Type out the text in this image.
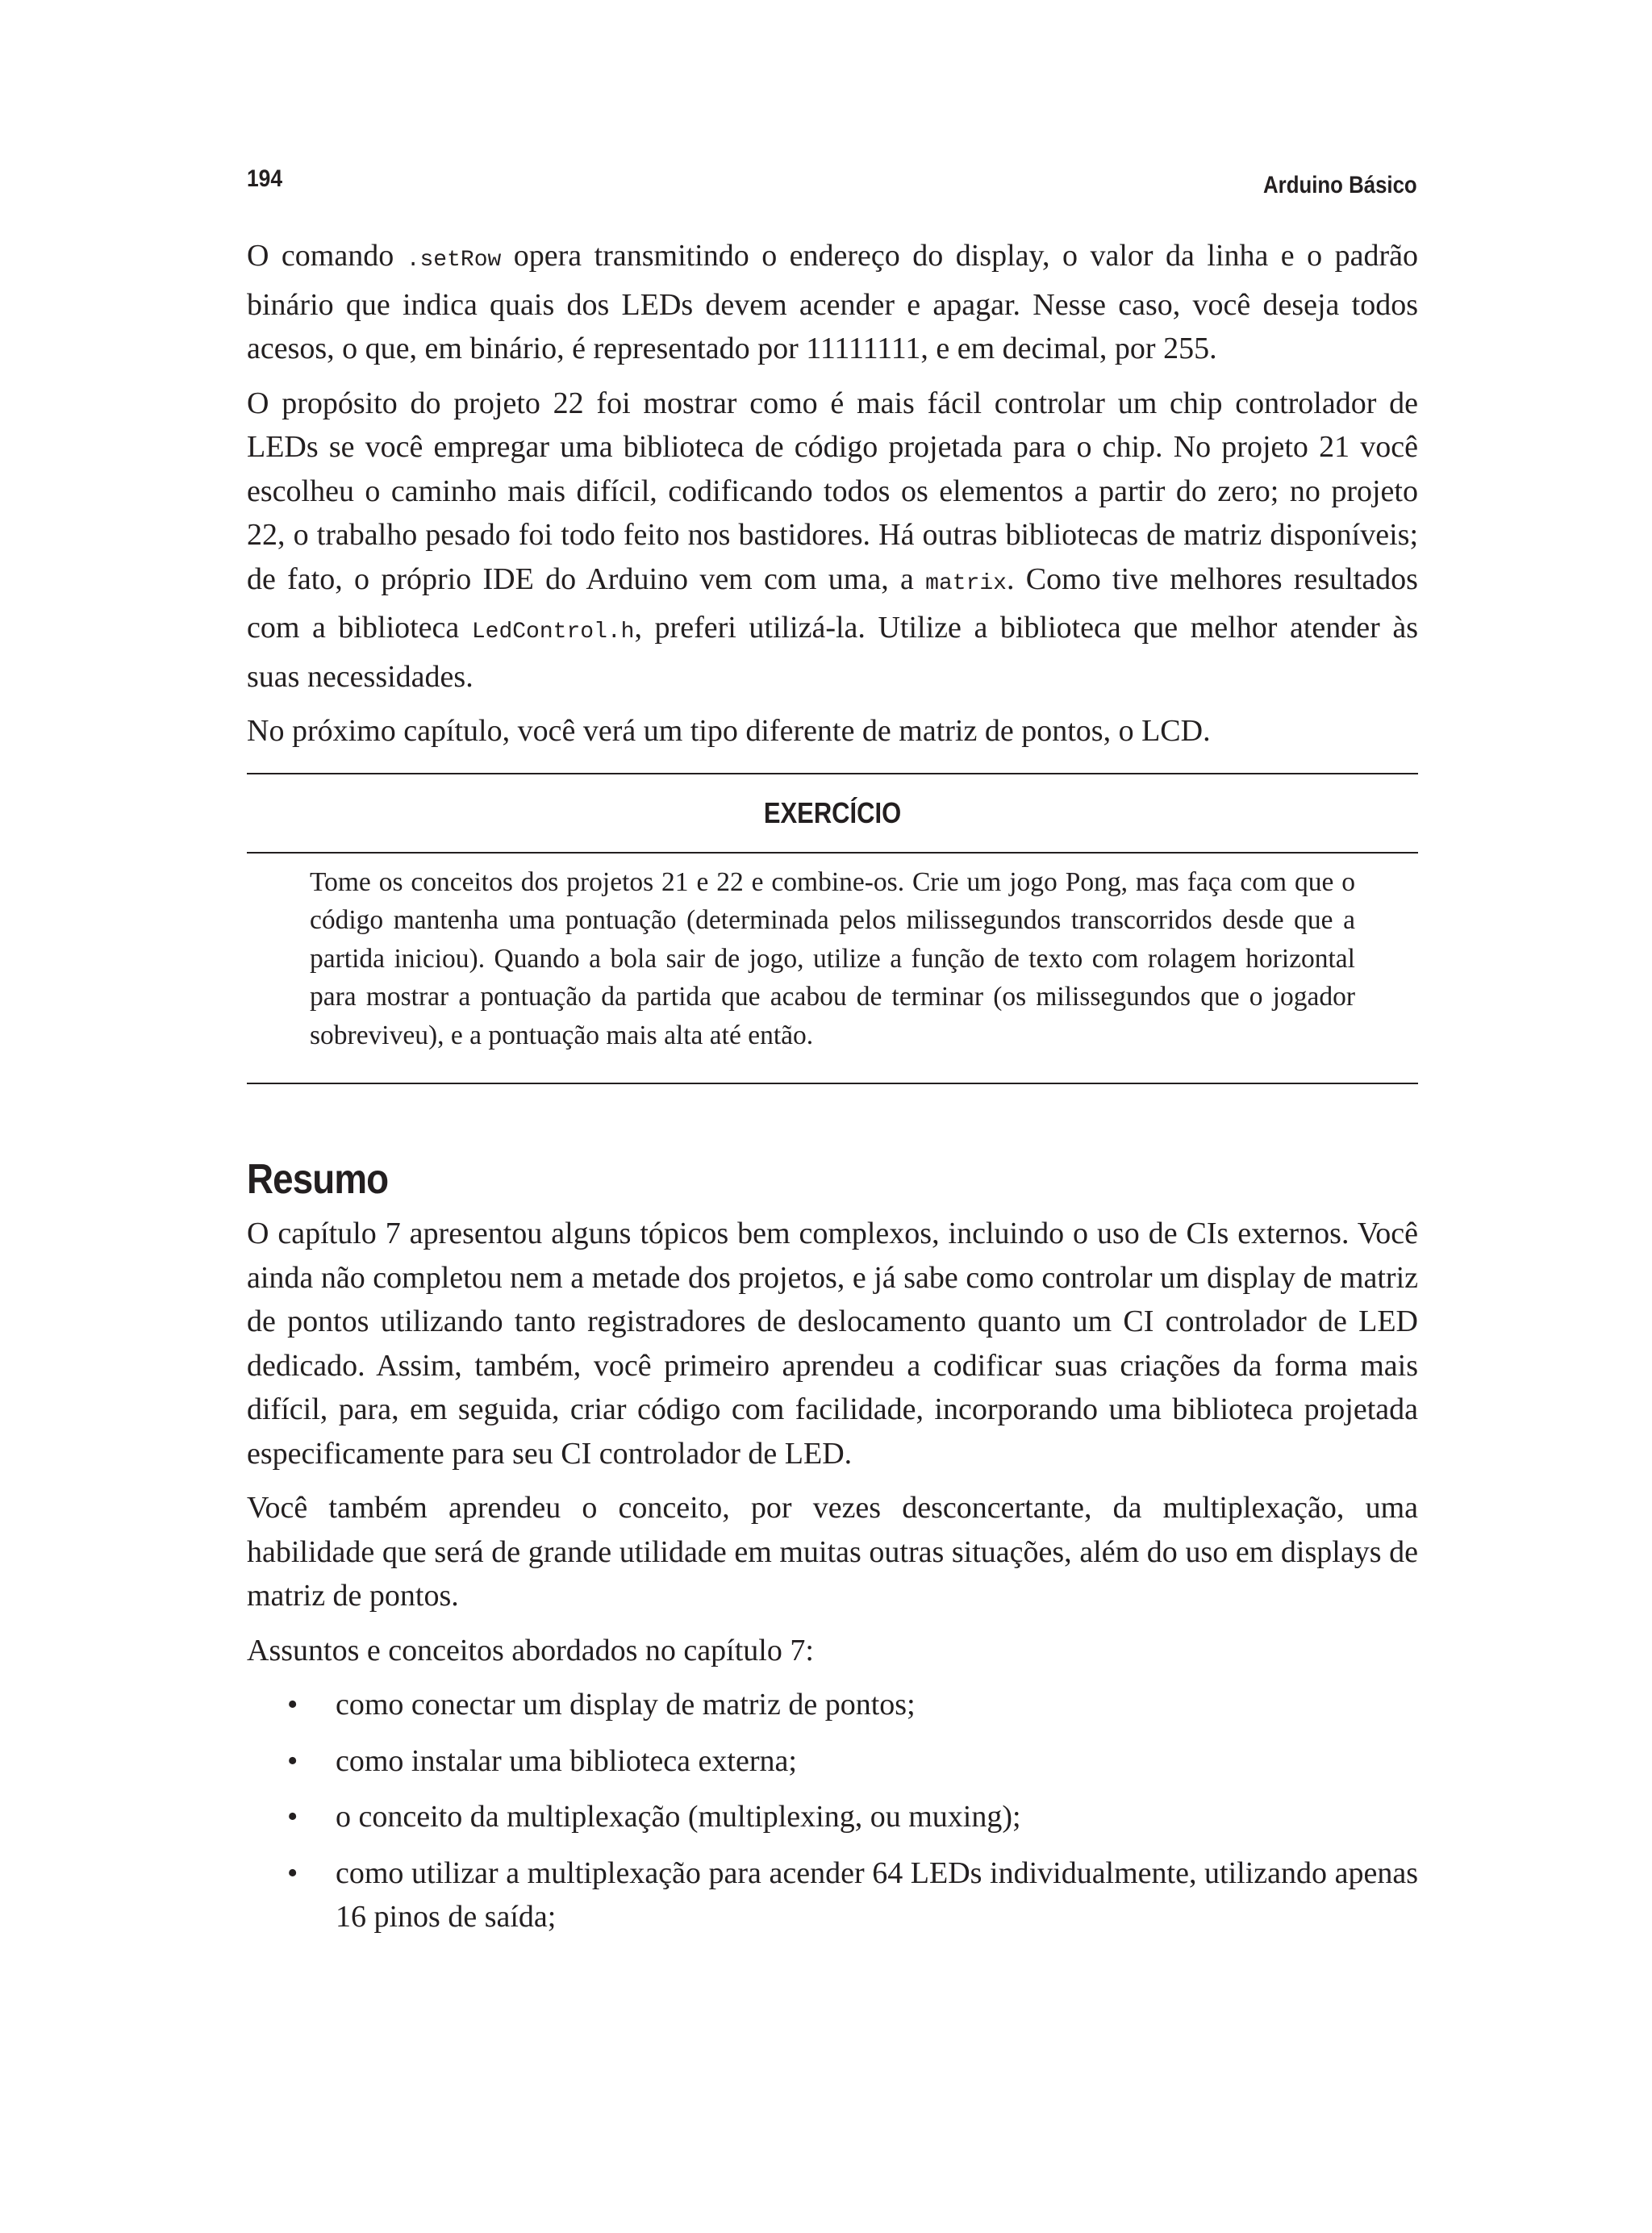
194	Arduino Básico

O comando .setRow opera transmitindo o endereço do display, o valor da linha e o padrão binário que indica quais dos LEDs devem acender e apagar. Nesse caso, você deseja todos acesos, o que, em binário, é representado por 11111111, e em decimal, por 255.

O propósito do projeto 22 foi mostrar como é mais fácil controlar um chip controlador de LEDs se você empregar uma biblioteca de código projetada para o chip. No projeto 21 você escolheu o caminho mais difícil, codificando todos os elementos a partir do zero; no projeto 22, o trabalho pesado foi todo feito nos bastidores. Há outras bibliotecas de matriz disponíveis; de fato, o próprio IDE do Arduino vem com uma, a matrix. Como tive melhores resultados com a biblioteca LedControl.h, preferi utilizá-la. Utilize a biblioteca que melhor atender às suas necessidades.

No próximo capítulo, você verá um tipo diferente de matriz de pontos, o LCD.

EXERCÍCIO

Tome os conceitos dos projetos 21 e 22 e combine-os. Crie um jogo Pong, mas faça com que o código mantenha uma pontuação (determinada pelos milissegundos transcorridos desde que a partida iniciou). Quando a bola sair de jogo, utilize a função de texto com rolagem horizontal para mostrar a pontuação da partida que acabou de terminar (os milissegundos que o jogador sobreviveu), e a pontuação mais alta até então.

Resumo

O capítulo 7 apresentou alguns tópicos bem complexos, incluindo o uso de CIs externos. Você ainda não completou nem a metade dos projetos, e já sabe como controlar um display de matriz de pontos utilizando tanto registradores de deslocamento quanto um CI controlador de LED dedicado. Assim, também, você primeiro aprendeu a codificar suas criações da forma mais difícil, para, em seguida, criar código com facilidade, incorporando uma biblioteca projetada especificamente para seu CI controlador de LED.

Você também aprendeu o conceito, por vezes desconcertante, da multiplexação, uma habilidade que será de grande utilidade em muitas outras situações, além do uso em displays de matriz de pontos.

Assuntos e conceitos abordados no capítulo 7:

• como conectar um display de matriz de pontos;
• como instalar uma biblioteca externa;
• o conceito da multiplexação (multiplexing, ou muxing);
• como utilizar a multiplexação para acender 64 LEDs individualmente, utilizando apenas 16 pinos de saída;
